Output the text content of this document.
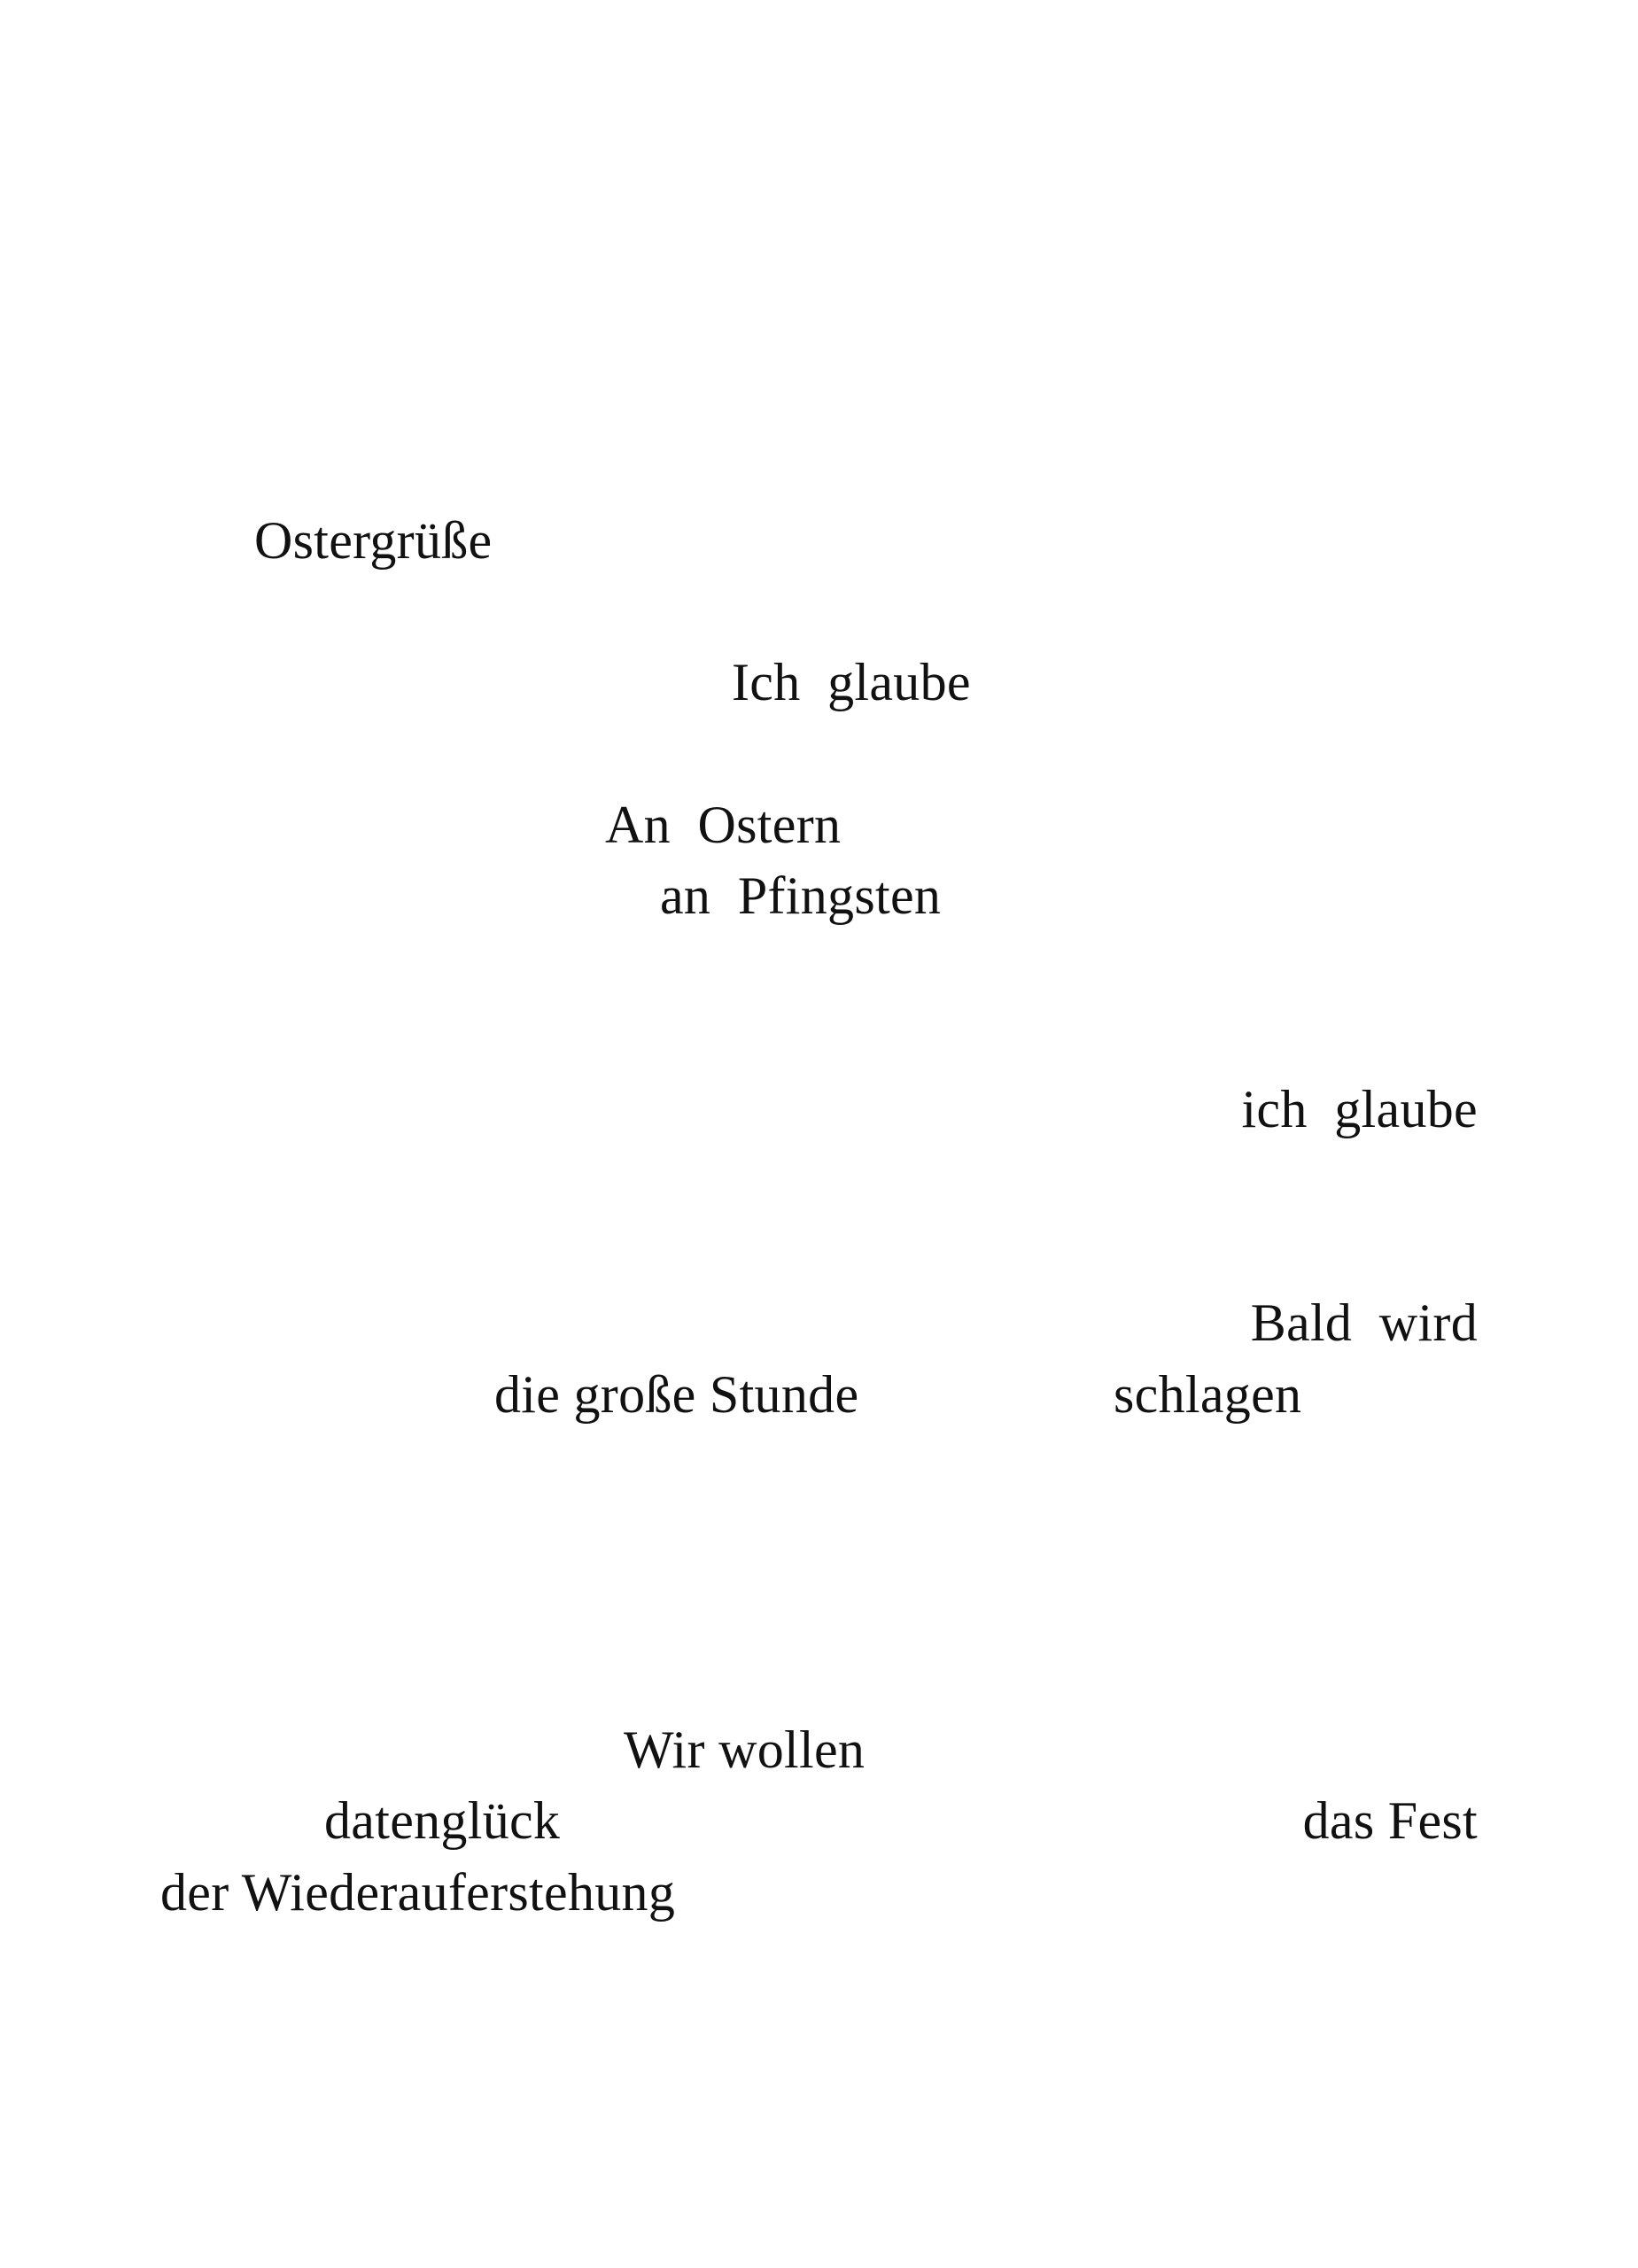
Ostergrüße
Ich  glaube
An  Ostern
an  Pfingsten
ich  glaube
Bald  wird
die große Stunde	schlagen
Wir wollen
datenglück	das Fest
der Wiederauferstehung
